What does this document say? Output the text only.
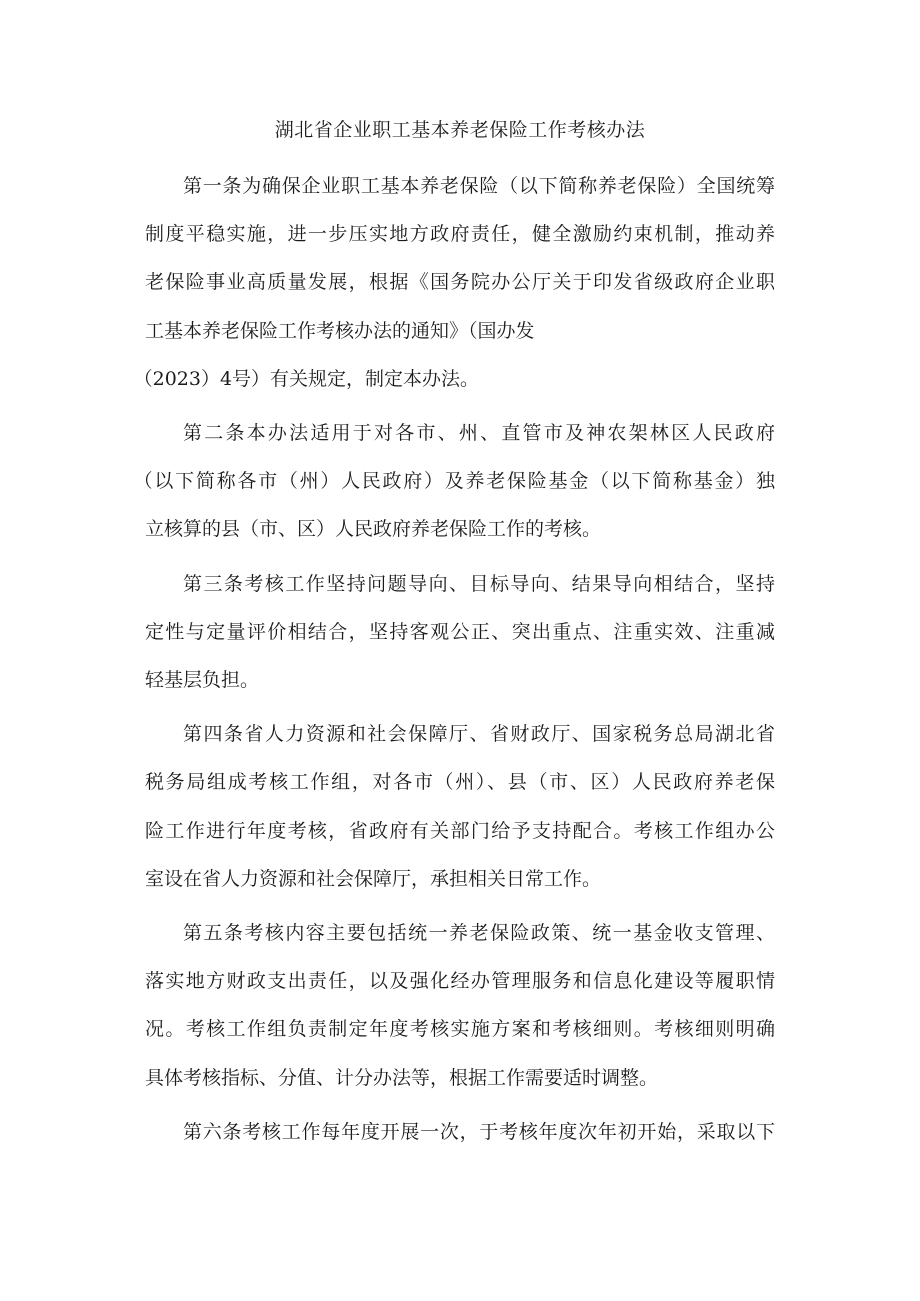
湖北省企业职工基本养老保险工作考核办法
第一条为确保企业职工基本养老保险（以下简称养老保险）全国统筹
制度平稳实施，进一步压实地方政府责任，健全激励约束机制，推动养
老保险事业高质量发展，根据《国务院办公厅关于印发省级政府企业职
工基本养老保险工作考核办法的通知》（国办发
（2023）4号）有关规定，制定本办法。
第二条本办法适用于对各市、州、直管市及神农架林区人民政府
（以下简称各市（州）人民政府）及养老保险基金（以下简称基金）独
立核算的县（市、区）人民政府养老保险工作的考核。
第三条考核工作坚持问题导向、目标导向、结果导向相结合，坚持
定性与定量评价相结合，坚持客观公正、突出重点、注重实效、注重减
轻基层负担。
第四条省人力资源和社会保障厅、省财政厅、国家税务总局湖北省
税务局组成考核工作组，对各市（州）、县（市、区）人民政府养老保
险工作进行年度考核，省政府有关部门给予支持配合。考核工作组办公
室设在省人力资源和社会保障厅，承担相关日常工作。
第五条考核内容主要包括统一养老保险政策、统一基金收支管理、
落实地方财政支出责任，以及强化经办管理服务和信息化建设等履职情
况。考核工作组负责制定年度考核实施方案和考核细则。考核细则明确
具体考核指标、分值、计分办法等，根据工作需要适时调整。
第六条考核工作每年度开展一次，于考核年度次年初开始，采取以下
